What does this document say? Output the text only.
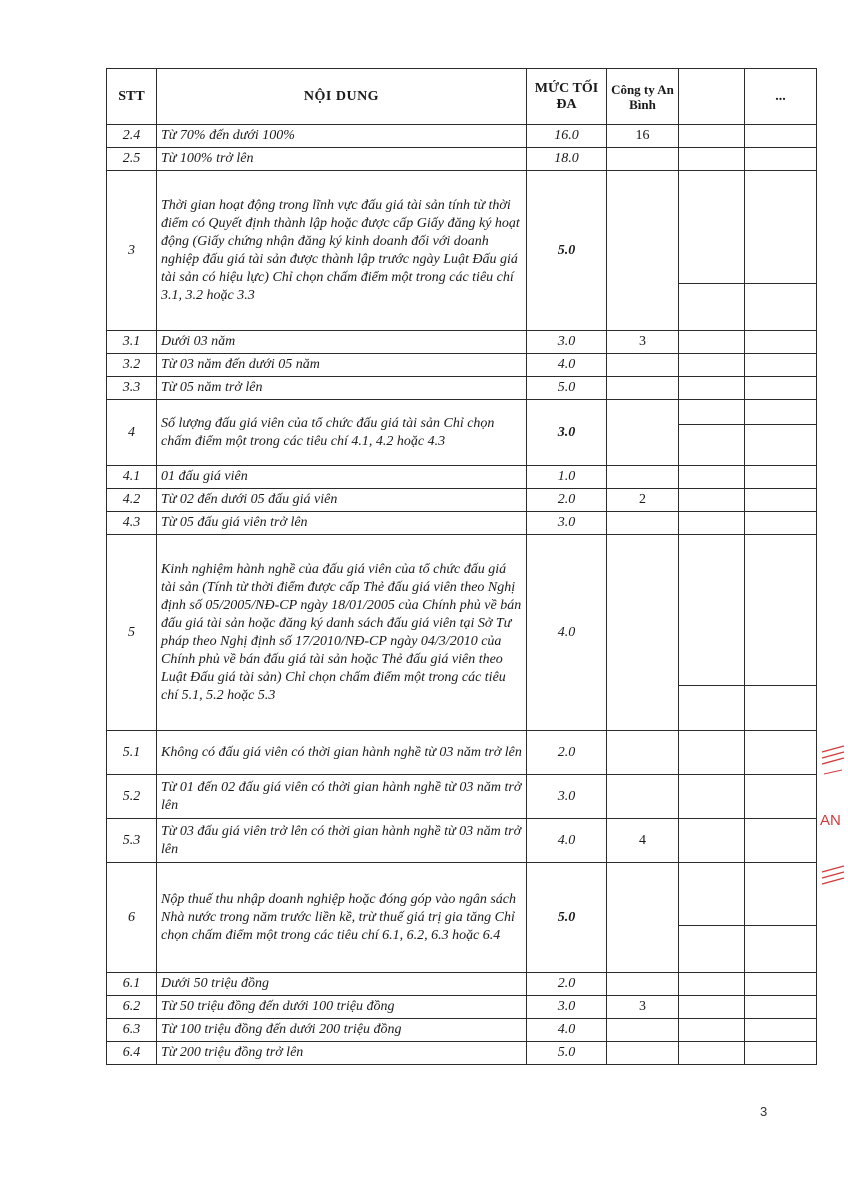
STT	NỘI DUNG	MỨC TỐI ĐA	Công ty An Bình		...
2.4	Từ 70% đến dưới 100%	16.0	16		
2.5	Từ 100% trở lên	18.0			
3	Thời gian hoạt động trong lĩnh vực đấu giá tài sản tính từ thời điểm có Quyết định thành lập hoặc được cấp Giấy đăng ký hoạt động (Giấy chứng nhận đăng ký kinh doanh đối với doanh nghiệp đấu giá tài sản được thành lập trước ngày Luật Đấu giá tài sản có hiệu lực) Chỉ chọn chấm điểm một trong các tiêu chí 3.1, 3.2 hoặc 3.3	5.0		

3.1	Dưới 03 năm	3.0	3		
3.2	Từ 03 năm đến dưới 05 năm	4.0			
3.3	Từ 05 năm trở lên	5.0			
4	Số lượng đấu giá viên của tổ chức đấu giá tài sản Chỉ chọn chấm điểm một trong các tiêu chí 4.1, 4.2 hoặc 4.3	3.0		

4.1	01 đấu giá viên	1.0			
4.2	Từ 02 đến dưới 05 đấu giá viên	2.0	2		
4.3	Từ 05 đấu giá viên trở lên	3.0			
5	Kinh nghiệm hành nghề của đấu giá viên của tổ chức đấu giá tài sản (Tính từ thời điểm được cấp Thẻ đấu giá viên theo Nghị định số 05/2005/NĐ-CP ngày 18/01/2005 của Chính phủ về bán đấu giá tài sản hoặc đăng ký danh sách đấu giá viên tại Sở Tư pháp theo Nghị định số 17/2010/NĐ-CP ngày 04/3/2010 của Chính phủ về bán đấu giá tài sản hoặc Thẻ đấu giá viên theo Luật Đấu giá tài sản) Chỉ chọn chấm điểm một trong các tiêu chí 5.1, 5.2 hoặc 5.3	4.0		

5.1	Không có đấu giá viên có thời gian hành nghề từ 03 năm trở lên	2.0			
5.2	Từ 01 đến 02 đấu giá viên có thời gian hành nghề từ 03 năm trở lên	3.0			
5.3	Từ 03 đấu giá viên trở lên có thời gian hành nghề từ 03 năm trở lên	4.0	4		
6	Nộp thuế thu nhập doanh nghiệp hoặc đóng góp vào ngân sách Nhà nước trong năm trước liền kề, trừ thuế giá trị gia tăng Chỉ chọn chấm điểm một trong các tiêu chí 6.1, 6.2, 6.3 hoặc 6.4	5.0		

6.1	Dưới 50 triệu đồng	2.0			
6.2	Từ 50 triệu đồng đến dưới 100 triệu đồng	3.0	3		
6.3	Từ 100 triệu đồng đến dưới 200 triệu đồng	4.0			
6.4	Từ 200 triệu đồng trở lên	5.0			
AN
3
